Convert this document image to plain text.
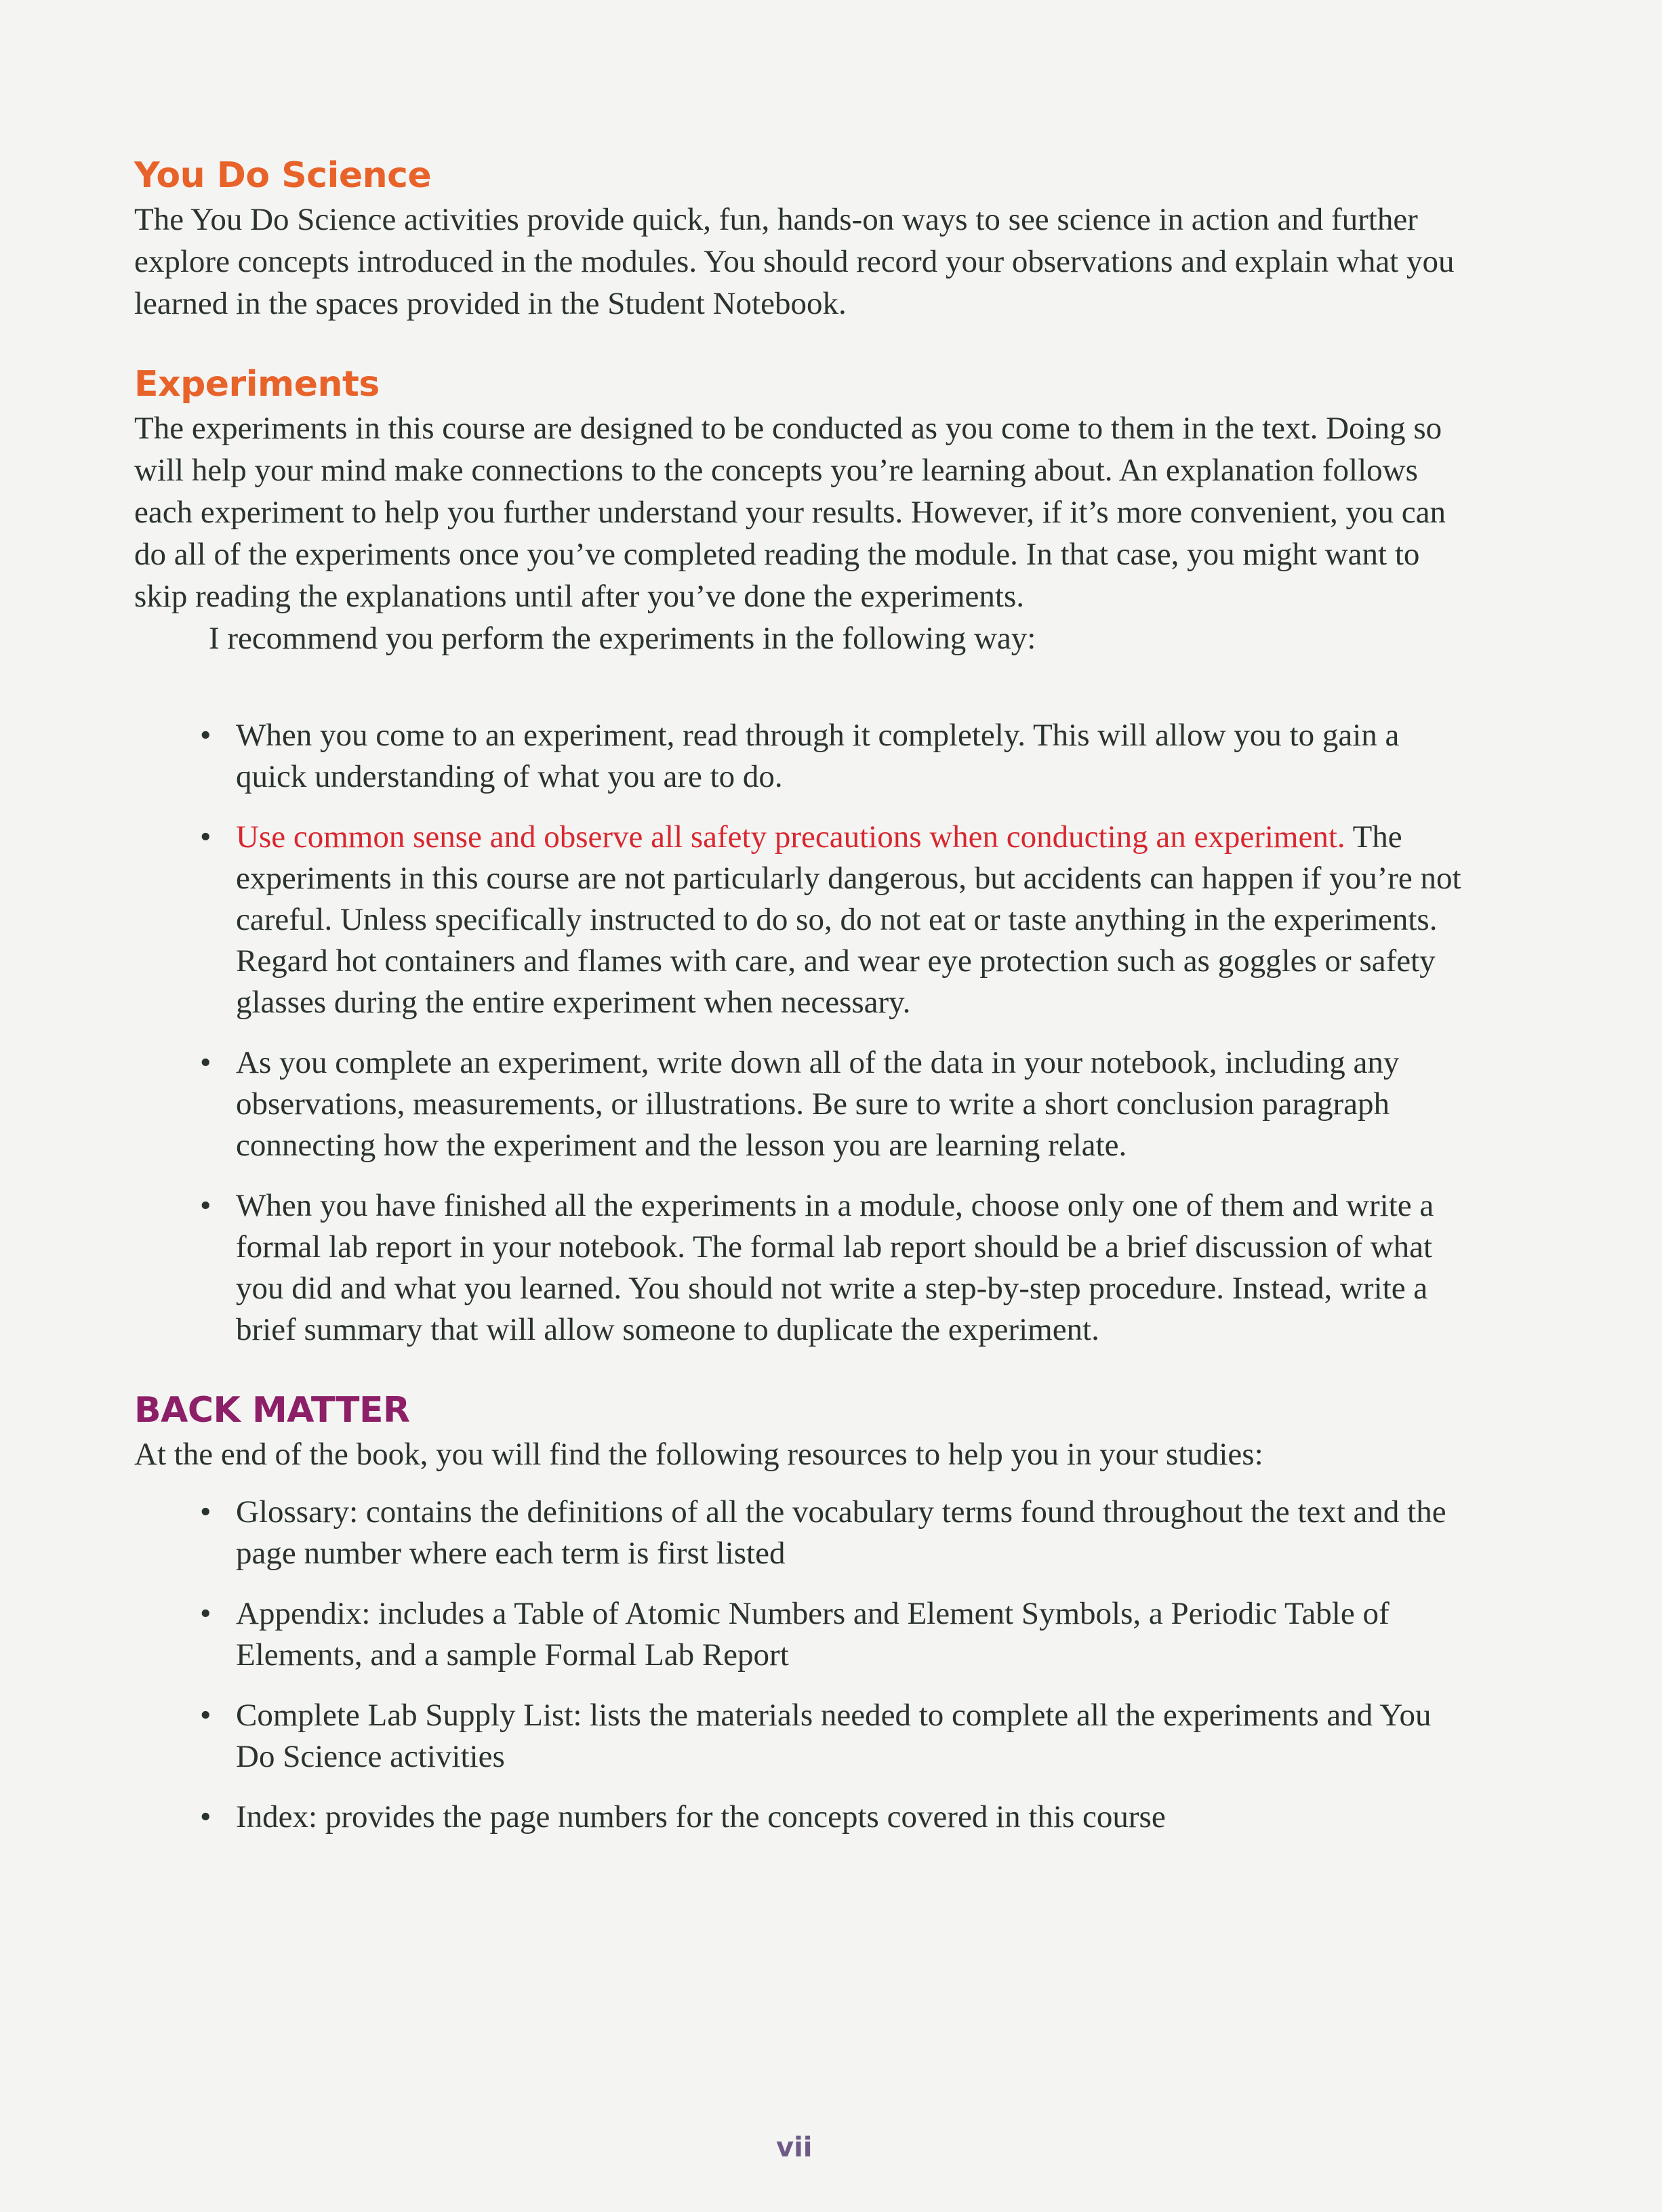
You Do Science

The You Do Science activities provide quick, fun, hands-on ways to see science in action and further explore concepts introduced in the modules. You should record your observations and explain what you learned in the spaces provided in the Student Notebook.

Experiments

The experiments in this course are designed to be conducted as you come to them in the text. Doing so will help your mind make connections to the concepts you’re learning about. An explanation follows each experiment to help you further understand your results. However, if it’s more convenient, you can do all of the experiments once you’ve completed reading the module. In that case, you might want to skip reading the explanations until after you’ve done the experiments.

I recommend you perform the experiments in the following way:

• When you come to an experiment, read through it completely. This will allow you to gain a quick understanding of what you are to do.
• Use common sense and observe all safety precautions when conducting an experiment. The experiments in this course are not particularly dangerous, but accidents can happen if you’re not careful. Unless specifically instructed to do so, do not eat or taste anything in the experiments. Regard hot containers and flames with care, and wear eye protection such as goggles or safety glasses during the entire experiment when necessary.
• As you complete an experiment, write down all of the data in your notebook, including any observations, measurements, or illustrations. Be sure to write a short conclusion paragraph connecting how the experiment and the lesson you are learning relate.
• When you have finished all the experiments in a module, choose only one of them and write a formal lab report in your notebook. The formal lab report should be a brief discussion of what you did and what you learned. You should not write a step-by-step procedure. Instead, write a brief summary that will allow someone to duplicate the experiment.
BACK MATTER

At the end of the book, you will find the following resources to help you in your studies:

• Glossary: contains the definitions of all the vocabulary terms found throughout the text and the page number where each term is first listed
• Appendix: includes a Table of Atomic Numbers and Element Symbols, a Periodic Table of Elements, and a sample Formal Lab Report
• Complete Lab Supply List: lists the materials needed to complete all the experiments and You Do Science activities
• Index: provides the page numbers for the concepts covered in this course
vii
